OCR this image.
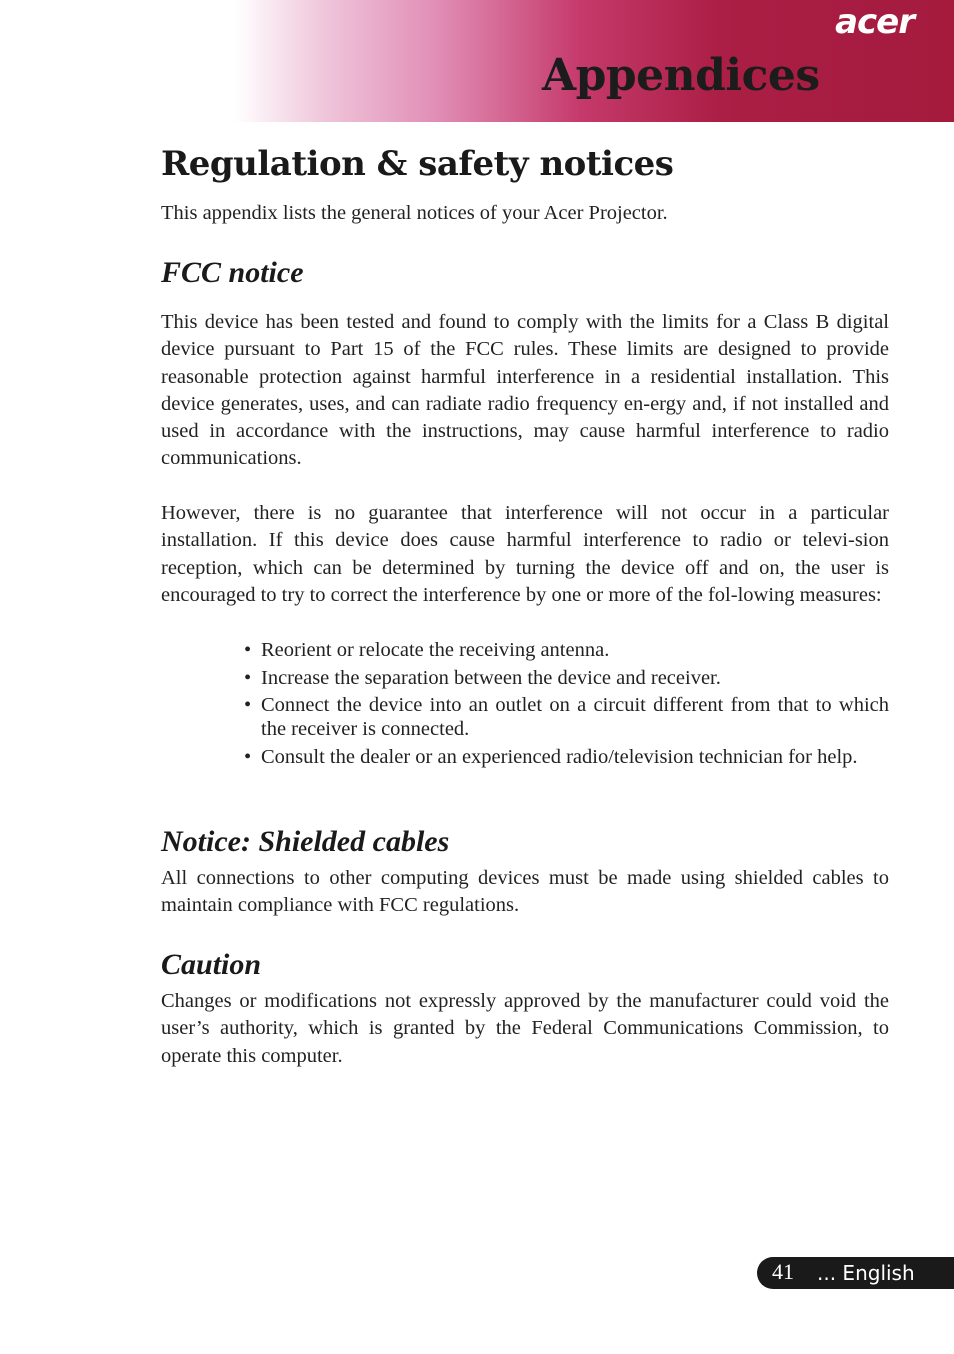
acer
Appendices
Regulation & safety notices

This appendix lists the general notices of your Acer Projector.

FCC notice

This device has been tested and found to comply with the limits for a Class B digital device pursuant to Part 15 of the FCC rules. These limits are designed to provide reasonable protection against harmful interference in a residential installation. This device generates, uses, and can radiate radio frequency en-ergy and, if not installed and used in accordance with the instructions, may cause harmful interference to radio communications.

However, there is no guarantee that interference will not occur in a particular installation. If this device does cause harmful interference to radio or televi-sion reception, which can be determined by turning the device off and on, the user is encouraged to try to correct the interference by one or more of the fol-lowing measures:

• Reorient or relocate the receiving antenna.
• Increase the separation between the device and receiver.
• Connect the device into an outlet on a circuit different from that to which the receiver is connected.
• Consult the dealer or an experienced radio/television technician for help.
Notice: Shielded cables

All connections to other computing devices must be made using shielded cables to maintain compliance with FCC regulations.

Caution

Changes or modifications not expressly approved by the manufacturer could void the user’s authority, which is granted by the Federal Communications Commission, to operate this computer.

41 ... English
